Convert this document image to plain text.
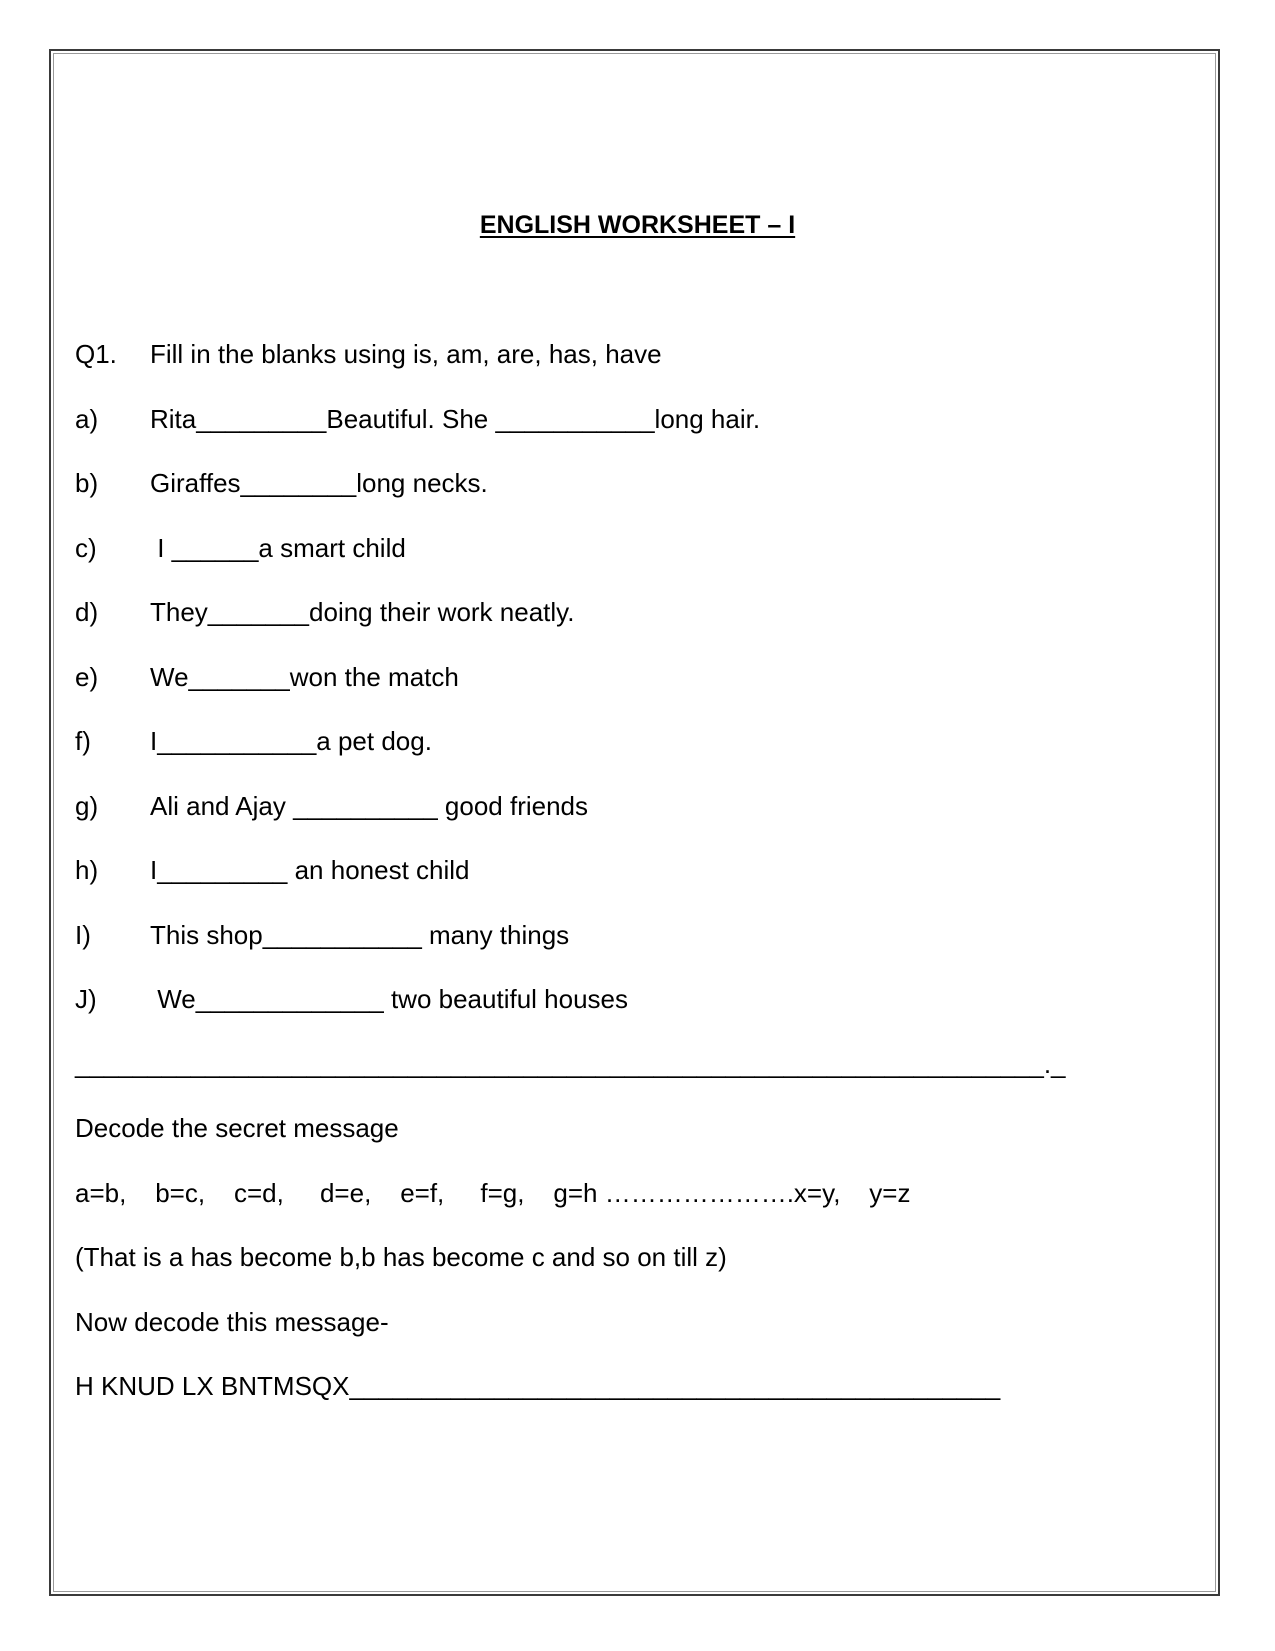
ENGLISH WORKSHEET – I
Q1. Fill in the blanks using is, am, are, has, have
a) Rita_________Beautiful. She ___________long hair.
b) Giraffes________long necks.
c) I ______a smart child
d) They_______doing their work neatly.
e) We_______won the match
f) I___________a pet dog.
g) Ali and Ajay __________ good friends
h) I_________ an honest child
I) This shop___________ many things
J) We_____________ two beautiful houses
___________________________________________________________________._
Decode the secret message
a=b,    b=c,    c=d,     d=e,    e=f,     f=g,    g=h ………………….x=y,    y=z
(That is a has become b,b has become c and so on till z)
Now decode this message-
H KNUD LX BNTMSQX_____________________________________________
